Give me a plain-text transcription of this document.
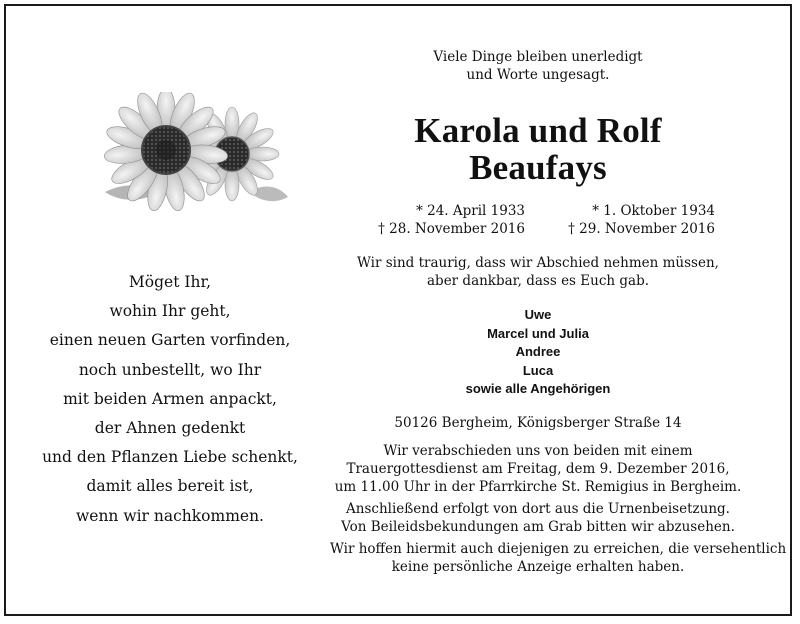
Möget Ihr,
wohin Ihr geht,
einen neuen Garten vorfinden,
noch unbestellt, wo Ihr
mit beiden Armen anpackt,
der Ahnen gedenkt
und den Pflanzen Liebe schenkt,
damit alles bereit ist,
wenn wir nachkommen.
Viele Dinge bleiben unerledigt
und Worte ungesagt.
Karola und Rolf
Beaufays
* 24. April 1933
† 28. November 2016
* 1. Oktober 1934
† 29. November 2016
Wir sind traurig, dass wir Abschied nehmen müssen,
aber dankbar, dass es Euch gab.
Uwe
Marcel und Julia
Andree
Luca
sowie alle Angehörigen
50126 Bergheim, Königsberger Straße 14
Wir verabschieden uns von beiden mit einem
Trauergottesdienst am Freitag, dem 9. Dezember 2016,
um 11.00 Uhr in der Pfarrkirche St. Remigius in Bergheim.
Anschließend erfolgt von dort aus die Urnenbeisetzung.
Von Beileidsbekundungen am Grab bitten wir abzusehen.
Wir hoffen hiermit auch diejenigen zu erreichen, die versehentlich
keine persönliche Anzeige erhalten haben.
